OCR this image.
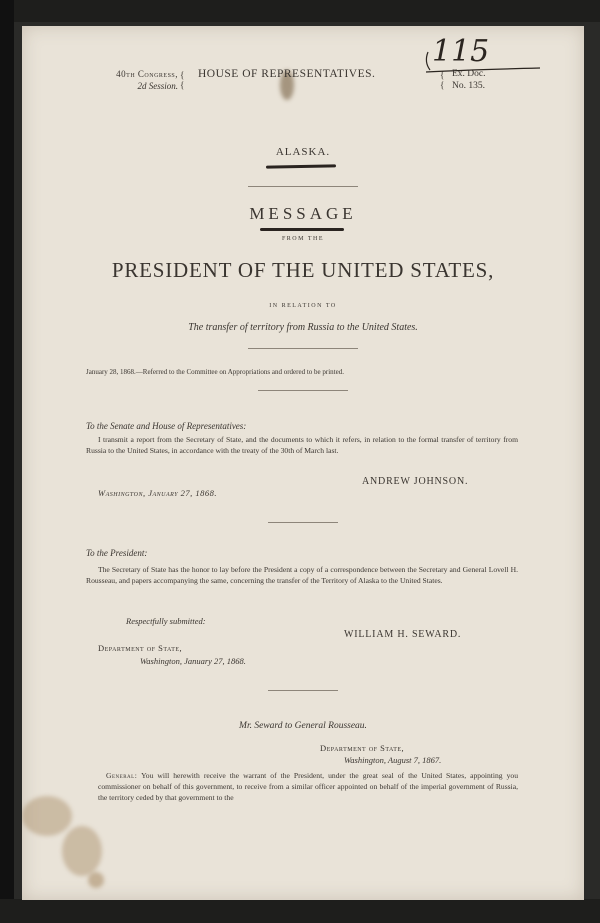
115
40th Congress,
2d Session.
{
{
HOUSE OF REPRESENTATIVES.	{
{
Ex. Doc.
No. 135.
ALASKA.
MESSAGE
FROM THE
PRESIDENT OF THE UNITED STATES,
IN RELATION TO
The transfer of territory from Russia to the United States.
January 28, 1868.—Referred to the Committee on Appropriations and ordered to be printed.
To the Senate and House of Representatives:
I transmit a report from the Secretary of State, and the documents to which it refers, in relation to the formal transfer of territory from Russia to the United States, in accordance with the treaty of the 30th of March last.
ANDREW JOHNSON.
Washington, January 27, 1868.
To the President:
The Secretary of State has the honor to lay before the President a copy of a correspondence between the Secretary and General Lovell H. Rousseau, and papers accompanying the same, concerning the transfer of the Territory of Alaska to the United States.
Respectfully submitted:
WILLIAM H. SEWARD.
Department of State,
Washington, January 27, 1868.
Mr. Seward to General Rousseau.
Department of State,
Washington, August 7, 1867.
General: You will herewith receive the warrant of the President, under the great seal of the United States, appointing you commissioner on behalf of this government, to receive from a similar officer appointed on behalf of the imperial government of Russia, the territory ceded by that government to the
